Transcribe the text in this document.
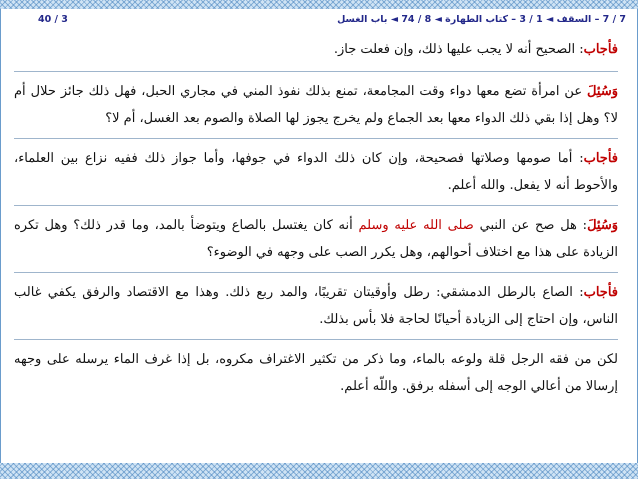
40 / 3	7 / 7 – السقف ◄ 1 / 3 – كتاب الطهارة ◄ 8 / 74 ◄ باب الغسل

فأجاب: الصحيح أنه لا يجب عليها ذلك، وإن فعلت جاز.

وَسُئِلَ عن امرأة تضع معها دواء وقت المجامعة، تمنع بذلك نفوذ المني في مجاري الحبل، فهل ذلك جائز حلال أم لا؟ وهل إذا بقي ذلك الدواء معها بعد الجماع ولم يخرج يجوز لها الصلاة والصوم بعد الغسل، أم لا؟

فأجاب: أما صومها وصلاتها فصحيحة، وإن كان ذلك الدواء في جوفها، وأما جواز ذلك ففيه نزاع بين العلماء، والأحوط أنه لا يفعل. والله أعلم.

وَسُئِلَ: هل صح عن النبي صلى الله عليه وسلم أنه كان يغتسل بالصاع ويتوضأ بالمد، وما قدر ذلك؟ وهل تكره الزيادة على هذا مع اختلاف أحوالهم، وهل يكرر الصب على وجهه في الوضوء؟

فأجاب: الصاع بالرطل الدمشقي: رطل وأوقيتان تقريبًا، والمد ربع ذلك. وهذا مع الاقتصاد والرفق يكفي غالب الناس، وإن احتاج إلى الزيادة أحيانًا لحاجة فلا بأس بذلك.

لكن من فقه الرجل قلة ولوعه بالماء، وما ذكر من تكثير الاغتراف مكروه، بل إذا غرف الماء يرسله على وجهه إرسالا من أعالي الوجه إلى أسفله برفق. واللّه أعلم.
